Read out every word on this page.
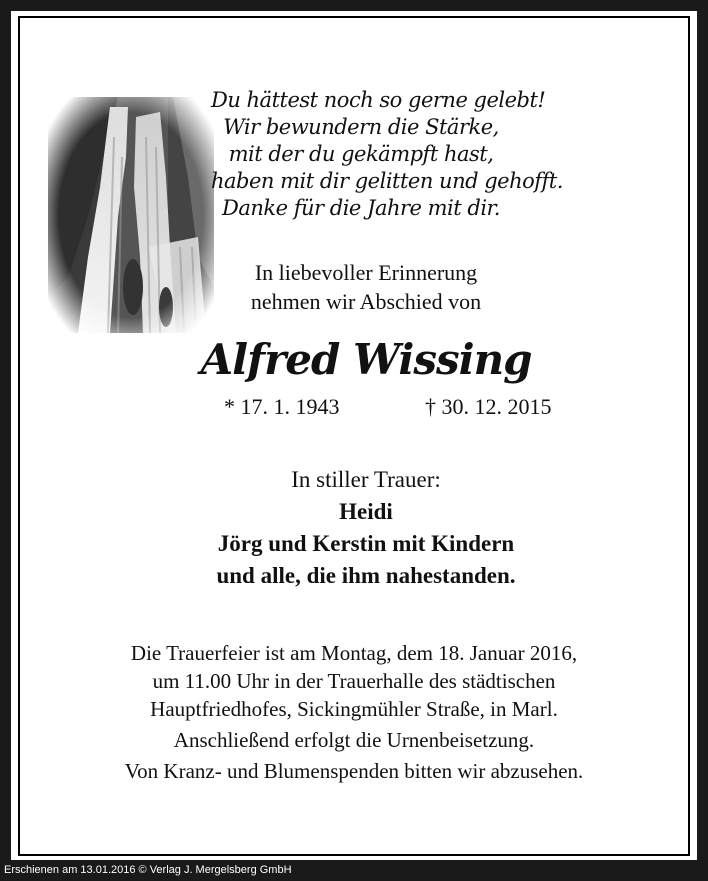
Du hättest noch so gerne gelebt!
Wir bewundern die Stärke,
mit der du gekämpft hast,
haben mit dir gelitten und gehofft.
Danke für die Jahre mit dir.
In liebevoller Erinnerung
nehmen wir Abschied von
Alfred Wissing
* 17. 1. 1943	† 30. 12. 2015
In stiller Trauer:
Heidi
Jörg und Kerstin mit Kindern
und alle, die ihm nahestanden.
Die Trauerfeier ist am Montag, dem 18. Januar 2016,
um 11.00 Uhr in der Trauerhalle des städtischen
Hauptfriedhofes, Sickingmühler Straße, in Marl.
Anschließend erfolgt die Urnenbeisetzung.
Von Kranz- und Blumenspenden bitten wir abzusehen.
Erschienen am 13.01.2016 © Verlag J. Mergelsberg GmbH
